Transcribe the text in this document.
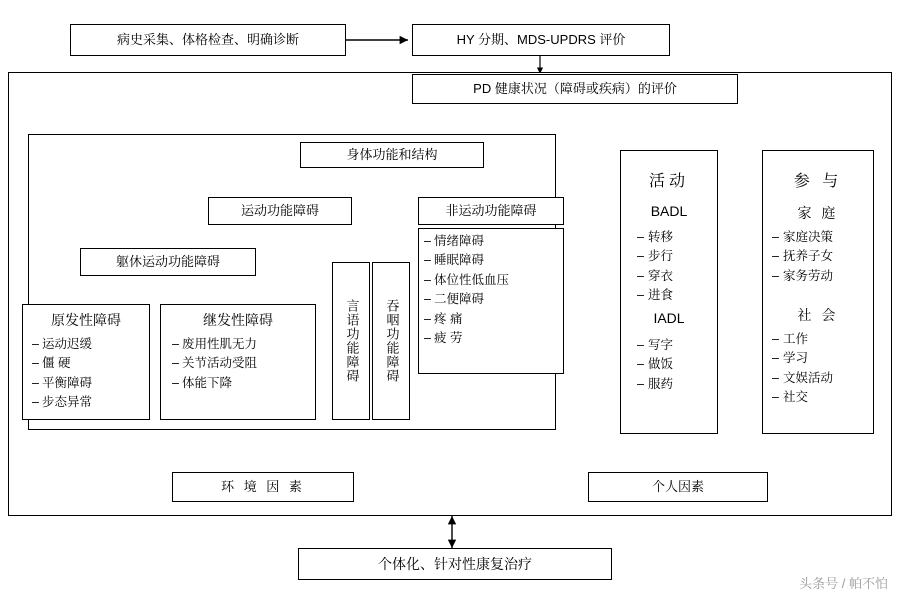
病史采集、体格检查、明确诊断	HY 分期、MDS-UPDRS 评价
PD 健康状况（障碍或疾病）的评价
身体功能和结构
运动功能障碍	非运动功能障碍
情绪障碍
睡眠障碍
体位性低血压
二便障碍
疼 痛
疲 劳
–
–
–
–
–
–
躯休运动功能障碍
原发性障碍
–
–
–
–
运动迟缓
僵 硬
平衡障碍
步态异常
继发性障碍
–
–
–
废用性肌无力
关节活动受阻
体能下降	言语功能障碍 吞咽功能障碍
活动
BADL
–
–
–
–
转移
步行
穿衣
进食
IADL
–
–
–
写字
做饭
服药
参 与
家 庭
–
–
–
家庭决策
抚养子女
家务劳动
社 会
–
–
–
–
工作
学习
文娱活动
社交
环 境 因 素	个人因素
个体化、针对性康复治疗
头条号 / 帕不怕
